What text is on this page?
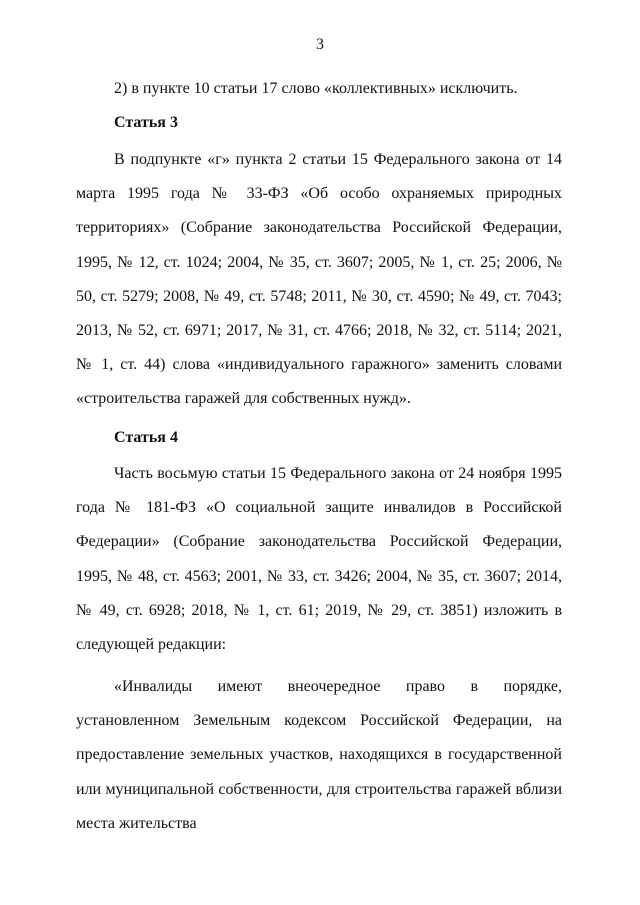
3

2) в пункте 10 статьи 17 слово «коллективных» исключить.

Статья 3

В подпункте «г» пункта 2 статьи 15 Федерального закона от 14 марта 1995 года № 33-ФЗ «Об особо охраняемых природных территориях» (Собрание законодательства Российской Федерации, 1995, № 12, ст. 1024; 2004, № 35, ст. 3607; 2005, № 1, ст. 25; 2006, № 50, ст. 5279; 2008, № 49, ст. 5748; 2011, № 30, ст. 4590; № 49, ст. 7043; 2013, № 52, ст. 6971; 2017, № 31, ст. 4766; 2018, № 32, ст. 5114; 2021, № 1, ст. 44) слова «индивидуального гаражного» заменить словами «строительства гаражей для собственных нужд».

Статья 4

Часть восьмую статьи 15 Федерального закона от 24 ноября 1995 года № 181-ФЗ «О социальной защите инвалидов в Российской Федерации» (Собрание законодательства Российской Федерации, 1995, № 48, ст. 4563; 2001, № 33, ст. 3426; 2004, № 35, ст. 3607; 2014, № 49, ст. 6928; 2018, № 1, ст. 61; 2019, № 29, ст. 3851) изложить в следующей редакции:

«Инвалиды имеют внеочередное право в порядке, установленном Земельным кодексом Российской Федерации, на предоставление земельных участков, находящихся в государственной или муниципальной собственности, для строительства гаражей вблизи места жительства
